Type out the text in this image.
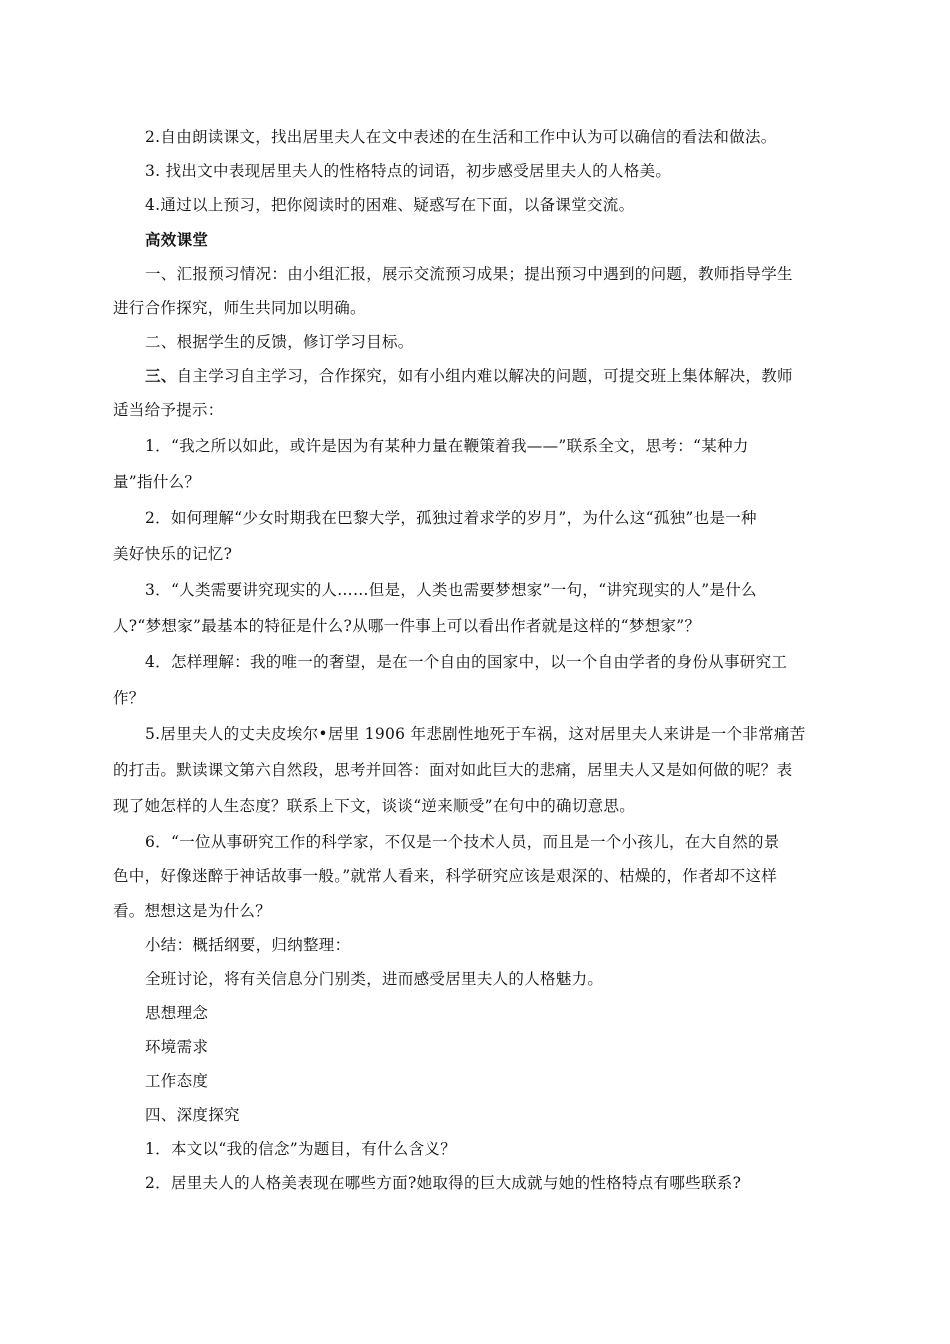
2.自由朗读课文，找出居里夫人在文中表述的在生活和工作中认为可以确信的看法和做法。
3. 找出文中表现居里夫人的性格特点的词语，初步感受居里夫人的人格美。
4.通过以上预习，把你阅读时的困难、疑惑写在下面，以备课堂交流。
高效课堂
一、汇报预习情况：由小组汇报，展示交流预习成果；提出预习中遇到的问题，教师指导学生
进行合作探究，师生共同加以明确。
二、根据学生的反馈，修订学习目标。
三、自主学习自主学习，合作探究，如有小组内难以解决的问题，可提交班上集体解决，教师
适当给予提示：
1．“我之所以如此，或许是因为有某种力量在鞭策着我——”联系全文，思考：“某种力
量”指什么？
2．如何理解“少女时期我在巴黎大学，孤独过着求学的岁月”，为什么这“孤独”也是一种
美好快乐的记忆?
3．“人类需要讲究现实的人……但是，人类也需要梦想家”一句，“讲究现实的人”是什么
人?“梦想家”最基本的特征是什么?从哪一件事上可以看出作者就是这样的“梦想家”？
4．怎样理解：我的唯一的奢望，是在一个自由的国家中，以一个自由学者的身份从事研究工
作？
5.居里夫人的丈夫皮埃尔•居里 1906 年悲剧性地死于车祸，这对居里夫人来讲是一个非常痛苦
的打击。默读课文第六自然段，思考并回答：面对如此巨大的悲痛，居里夫人又是如何做的呢？表
现了她怎样的人生态度？联系上下文，谈谈“逆来顺受”在句中的确切意思。
6．“一位从事研究工作的科学家，不仅是一个技术人员，而且是一个小孩儿，在大自然的景
色中，好像迷醉于神话故事一般。”就常人看来，科学研究应该是艰深的、枯燥的，作者却不这样
看。想想这是为什么？
小结：概括纲要，归纳整理：
全班讨论，将有关信息分门别类，进而感受居里夫人的人格魅力。
思想理念
环境需求
工作态度
四、深度探究
1．本文以“我的信念”为题目，有什么含义？
2．居里夫人的人格美表现在哪些方面?她取得的巨大成就与她的性格特点有哪些联系?
